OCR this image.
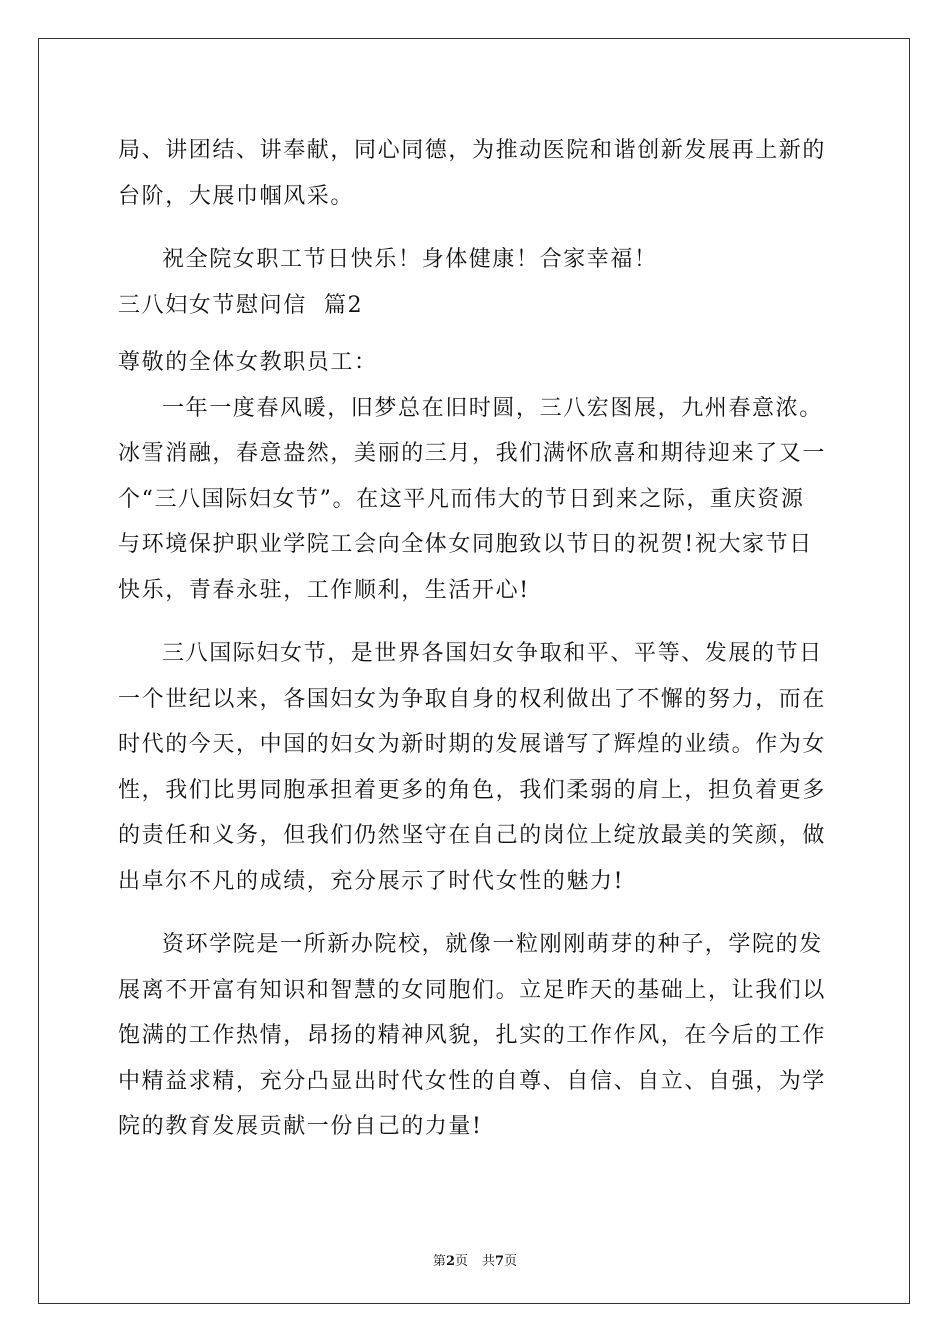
局、讲团结、讲奉献，同心同德，为推动医院和谐创新发展再上新的

台阶，大展巾帼风采。

祝全院女职工节日快乐！身体健康！合家幸福！

三八妇女节慰问信  篇2

尊敬的全体女教职员工：

一年一度春风暖，旧梦总在旧时圆，三八宏图展，九州春意浓。

冰雪消融，春意盎然，美丽的三月，我们满怀欣喜和期待迎来了又一

个“三八国际妇女节”。在这平凡而伟大的节日到来之际，重庆资源

与环境保护职业学院工会向全体女同胞致以节日的祝贺!祝大家节日

快乐，青春永驻，工作顺利，生活开心!

三八国际妇女节，是世界各国妇女争取和平、平等、发展的节日

一个世纪以来，各国妇女为争取自身的权利做出了不懈的努力，而在

时代的今天，中国的妇女为新时期的发展谱写了辉煌的业绩。作为女

性，我们比男同胞承担着更多的角色，我们柔弱的肩上，担负着更多

的责任和义务，但我们仍然坚守在自己的岗位上绽放最美的笑颜，做

出卓尔不凡的成绩，充分展示了时代女性的魅力!

资环学院是一所新办院校，就像一粒刚刚萌芽的种子，学院的发

展离不开富有知识和智慧的女同胞们。立足昨天的基础上，让我们以

饱满的工作热情，昂扬的精神风貌，扎实的工作作风，在今后的工作

中精益求精，充分凸显出时代女性的自尊、自信、自立、自强，为学

院的教育发展贡献一份自己的力量!

第2页 共7页
